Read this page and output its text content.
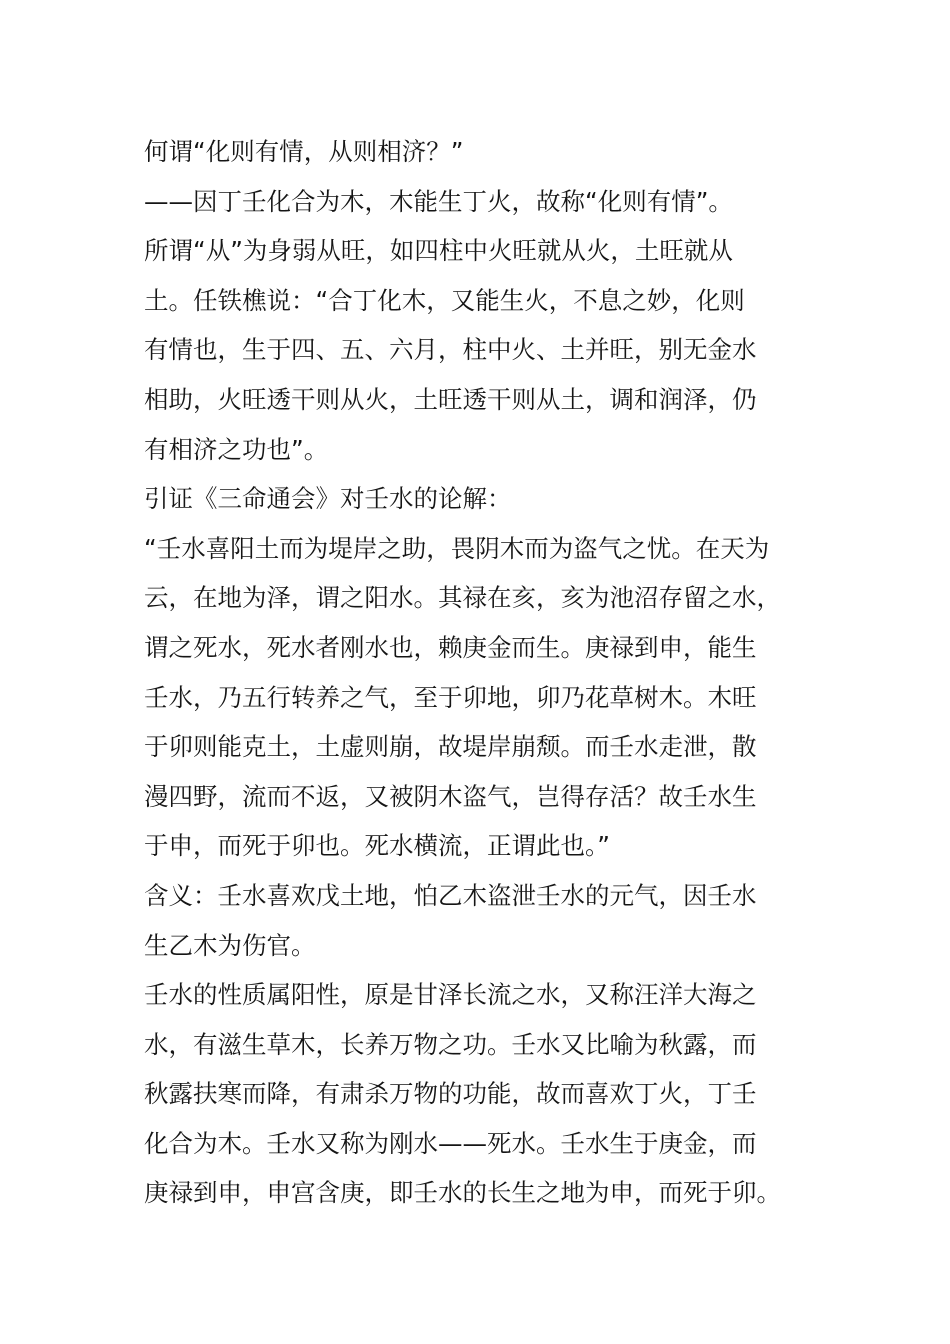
何谓“化则有情，从则相济？”
——因丁壬化合为木，木能生丁火，故称“化则有情”。
所谓“从”为身弱从旺，如四柱中火旺就从火，土旺就从
土。任铁樵说：“合丁化木，又能生火，不息之妙，化则
有情也，生于四、五、六月，柱中火、土并旺，别无金水
相助，火旺透干则从火，土旺透干则从土，调和润泽，仍
有相济之功也”。
引证《三命通会》对壬水的论解：
“壬水喜阳土而为堤岸之助，畏阴木而为盗气之忧。在天为
云，在地为泽，谓之阳水。其禄在亥，亥为池沼存留之水，
谓之死水，死水者刚水也，赖庚金而生。庚禄到申，能生
壬水，乃五行转养之气，至于卯地，卯乃花草树木。木旺
于卯则能克土，土虚则崩，故堤岸崩颓。而壬水走泄，散
漫四野，流而不返，又被阴木盗气，岂得存活？故壬水生
于申，而死于卯也。死水横流，正谓此也。”
含义：壬水喜欢戊土地，怕乙木盗泄壬水的元气，因壬水
生乙木为伤官。
壬水的性质属阳性，原是甘泽长流之水，又称汪洋大海之
水，有滋生草木，长养万物之功。壬水又比喻为秋露，而
秋露扶寒而降，有肃杀万物的功能，故而喜欢丁火，丁壬
化合为木。壬水又称为刚水——死水。壬水生于庚金，而
庚禄到申，申宫含庚，即壬水的长生之地为申，而死于卯。
